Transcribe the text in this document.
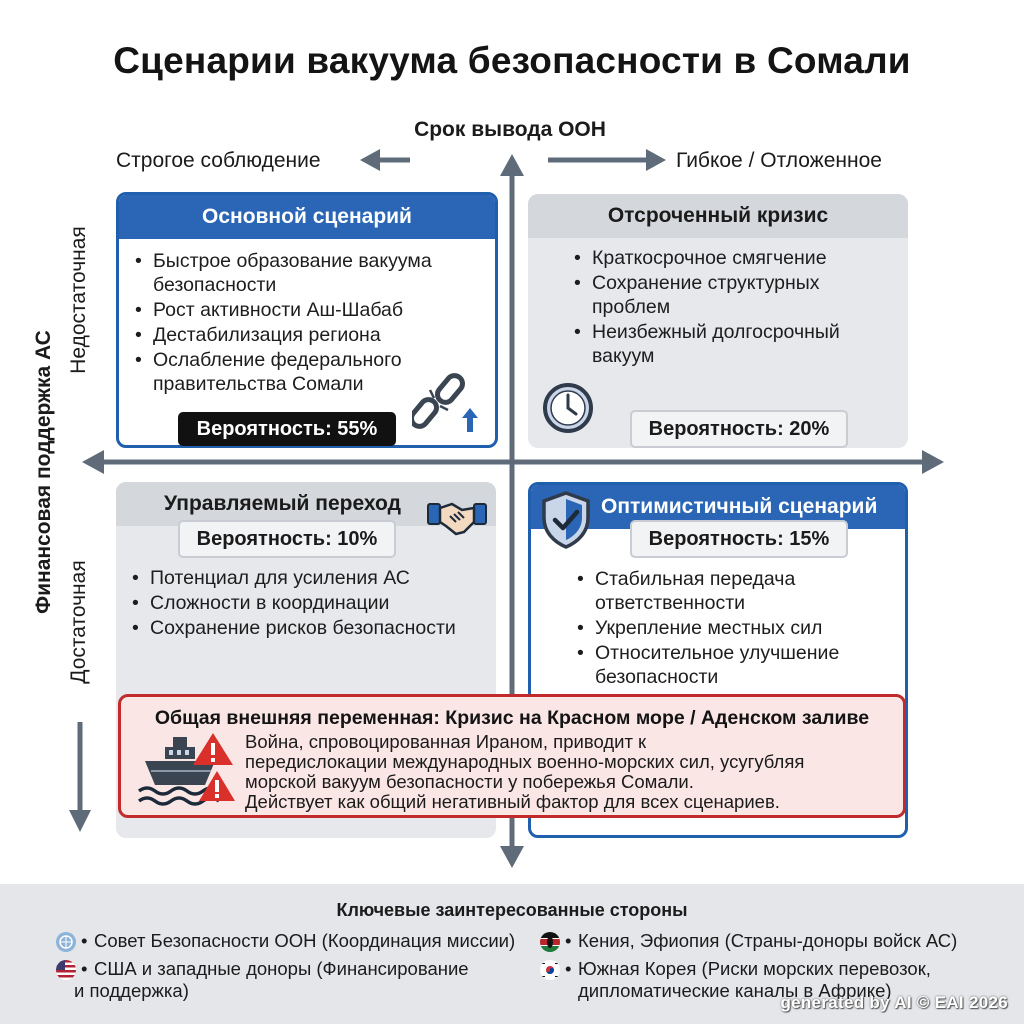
Сценарии вакуума безопасности в Сомали
Срок вывода ООН
Строгое соблюдение	Гибкое / Отложенное
Финансовая поддержка АС
Недостаточная
Достаточная
Основной сценарий
• Быстрое образование вакуума безопасности
• Рост активности Аш-Шабаб
• Дестабилизация региона
• Ослабление федерального правительства Сомали
Вероятность: 55%
Отсроченный кризис
• Краткосрочное смягчение
• Сохранение структурных проблем
• Неизбежный долгосрочный вакуум
Вероятность: 20%
Управляемый переход
• Потенциал для усиления АС
• Сложности в координации
• Сохранение рисков безопасности
Вероятность: 10%
Оптимистичный сценарий
• Стабильная передача ответственности
• Укрепление местных сил
• Относительное улучшение безопасности
Вероятность: 15%
Общая внешняя переменная: Кризис на Красном море / Аденском заливе
Война, спровоцированная Ираном, приводит к
передислокации международных военно-морских сил, усугубляя
морской вакуум безопасности у побережья Сомали.
Действует как общий негативный фактор для всех сценариев.
Ключевые заинтересованные стороны
• Совет Безопасности ООН (Координация миссии)	• Кения, Эфиопия (Страны-доноры войск АС)
• США и западные доноры (Финансирование
и поддержка)
• Южная Корея (Риски морских перевозок,
дипломатические каналы в Африке)
generated by AI © EAI 2026
